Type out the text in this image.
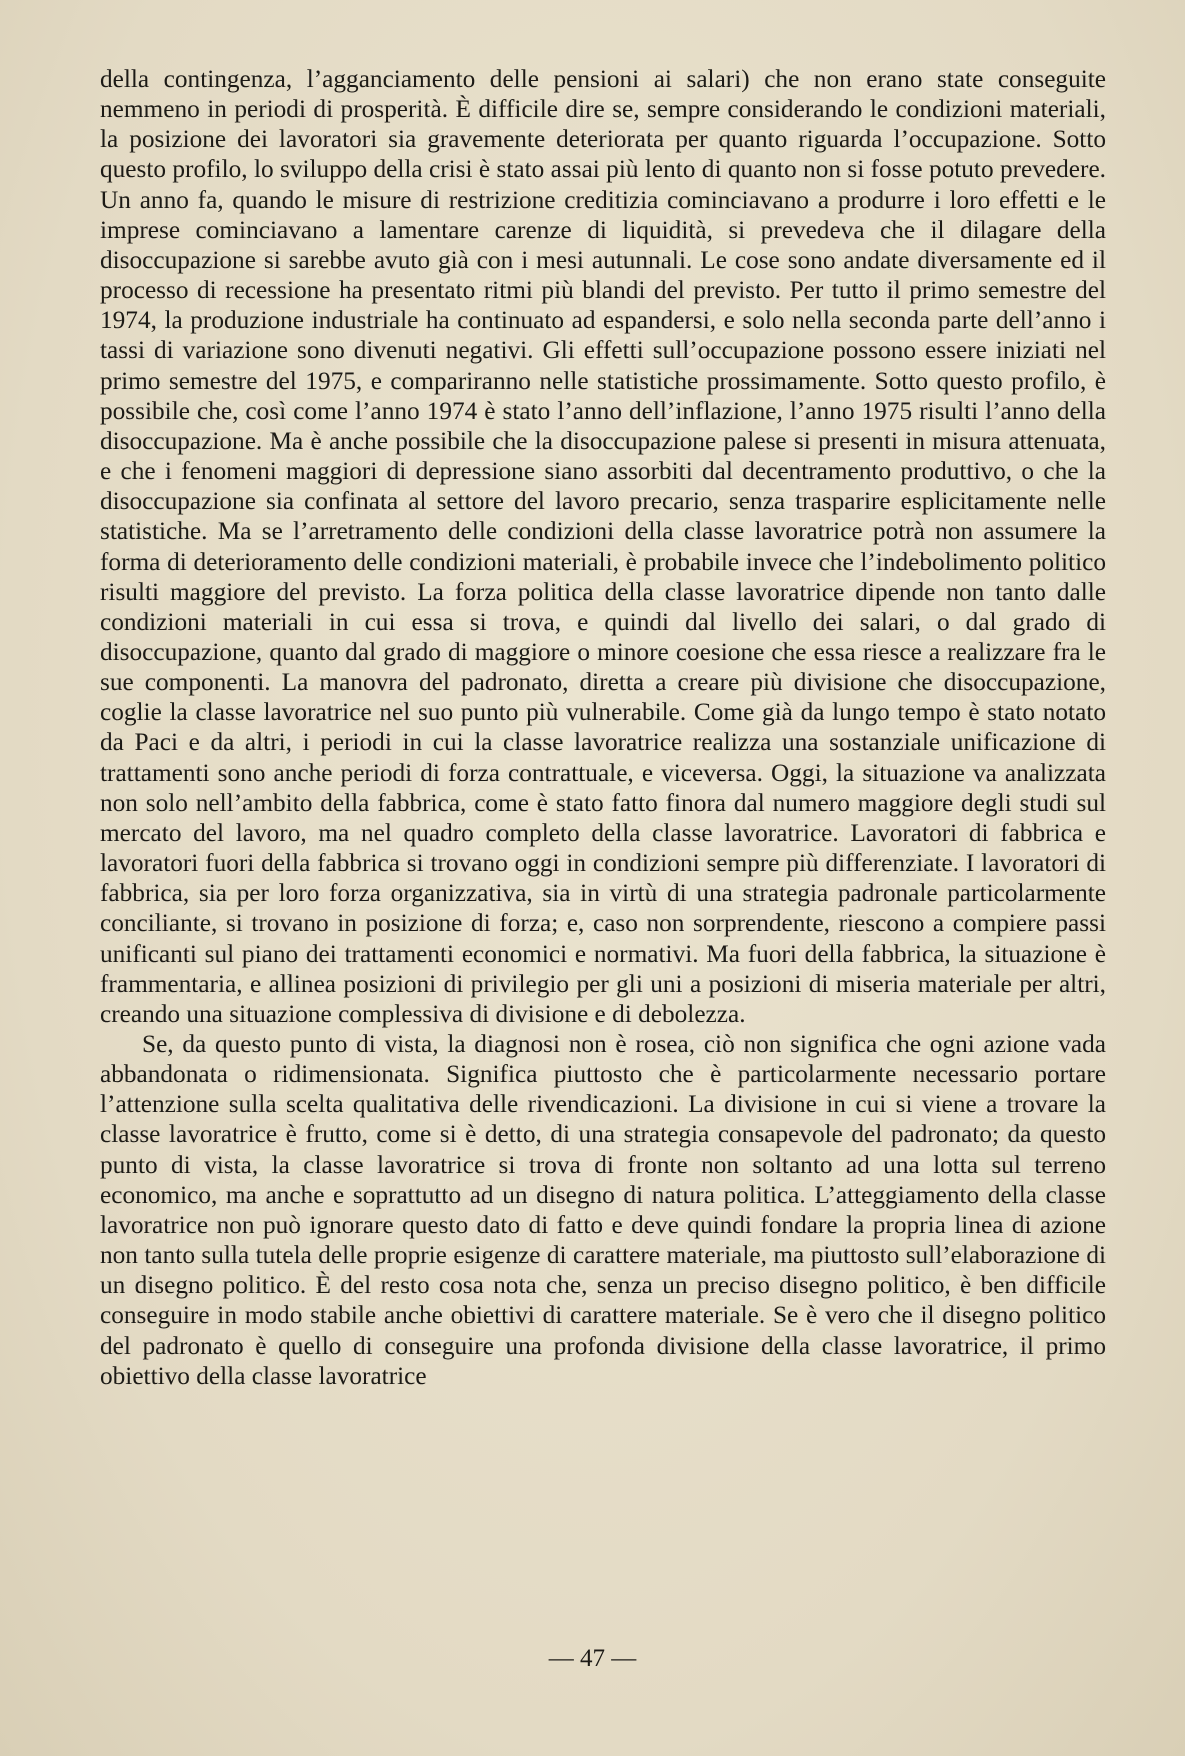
della contingenza, l’agganciamento delle pensioni ai salari) che non erano state conseguite nemmeno in periodi di prosperità. È difficile dire se, sempre considerando le condizioni materiali, la posizione dei lavoratori sia gravemente deteriorata per quanto riguarda l’occupazione. Sotto questo profilo, lo sviluppo della crisi è stato assai più lento di quanto non si fosse potuto prevedere. Un anno fa, quando le misure di restrizione creditizia cominciavano a produrre i loro effetti e le imprese cominciavano a lamentare carenze di liquidità, si prevedeva che il dilagare della disoccupazione si sarebbe avuto già con i mesi autunnali. Le cose sono andate diversamente ed il processo di recessione ha presentato ritmi più blandi del previsto. Per tutto il primo semestre del 1974, la produzione industriale ha continuato ad espandersi, e solo nella seconda parte dell’anno i tassi di variazione sono divenuti negativi. Gli effetti sull’occupazione possono essere iniziati nel primo semestre del 1975, e compariranno nelle statistiche prossimamente. Sotto questo profilo, è possibile che, così come l’anno 1974 è stato l’anno dell’inflazione, l’anno 1975 risulti l’anno della disoccupazione. Ma è anche possibile che la disoccupazione palese si presenti in misura attenuata, e che i fenomeni maggiori di depressione siano assorbiti dal decentramento produttivo, o che la disoccupazione sia confinata al settore del lavoro precario, senza trasparire esplicitamente nelle statistiche. Ma se l’arretramento delle condizioni della classe lavoratrice potrà non assumere la forma di deterioramento delle condizioni materiali, è probabile invece che l’indebolimento politico risulti maggiore del previsto. La forza politica della classe lavoratrice dipende non tanto dalle condizioni materiali in cui essa si trova, e quindi dal livello dei salari, o dal grado di disoccupazione, quanto dal grado di maggiore o minore coesione che essa riesce a realizzare fra le sue componenti. La manovra del padronato, diretta a creare più divisione che disoccupazione, coglie la classe lavoratrice nel suo punto più vulnerabile. Come già da lungo tempo è stato notato da Paci e da altri, i periodi in cui la classe lavoratrice realizza una sostanziale unificazione di trattamenti sono anche periodi di forza contrattuale, e viceversa. Oggi, la situazione va analizzata non solo nell’ambito della fabbrica, come è stato fatto finora dal numero maggiore degli studi sul mercato del lavoro, ma nel quadro completo della classe lavoratrice. Lavoratori di fabbrica e lavoratori fuori della fabbrica si trovano oggi in condizioni sempre più differenziate. I lavoratori di fabbrica, sia per loro forza organizzativa, sia in virtù di una strategia padronale particolarmente conciliante, si trovano in posizione di forza; e, caso non sorprendente, riescono a compiere passi unificanti sul piano dei trattamenti economici e normativi. Ma fuori della fabbrica, la situazione è frammentaria, e allinea posizioni di privilegio per gli uni a posizioni di miseria materiale per altri, creando una situazione complessiva di divisione e di debolezza.

Se, da questo punto di vista, la diagnosi non è rosea, ciò non significa che ogni azione vada abbandonata o ridimensionata. Significa piuttosto che è particolarmente necessario portare l’attenzione sulla scelta qualitativa delle rivendicazioni. La divisione in cui si viene a trovare la classe lavoratrice è frutto, come si è detto, di una strategia consapevole del padronato; da questo punto di vista, la classe lavoratrice si trova di fronte non soltanto ad una lotta sul terreno economico, ma anche e soprattutto ad un disegno di natura politica. L’atteggiamento della classe lavoratrice non può ignorare questo dato di fatto e deve quindi fondare la propria linea di azione non tanto sulla tutela delle proprie esigenze di carattere materiale, ma piuttosto sull’elaborazione di un disegno politico. È del resto cosa nota che, senza un preciso disegno politico, è ben difficile conseguire in modo stabile anche obiettivi di carattere materiale. Se è vero che il disegno politico del padronato è quello di conseguire una profonda divisione della classe lavoratrice, il primo obiettivo della classe lavoratrice

— 47 —
